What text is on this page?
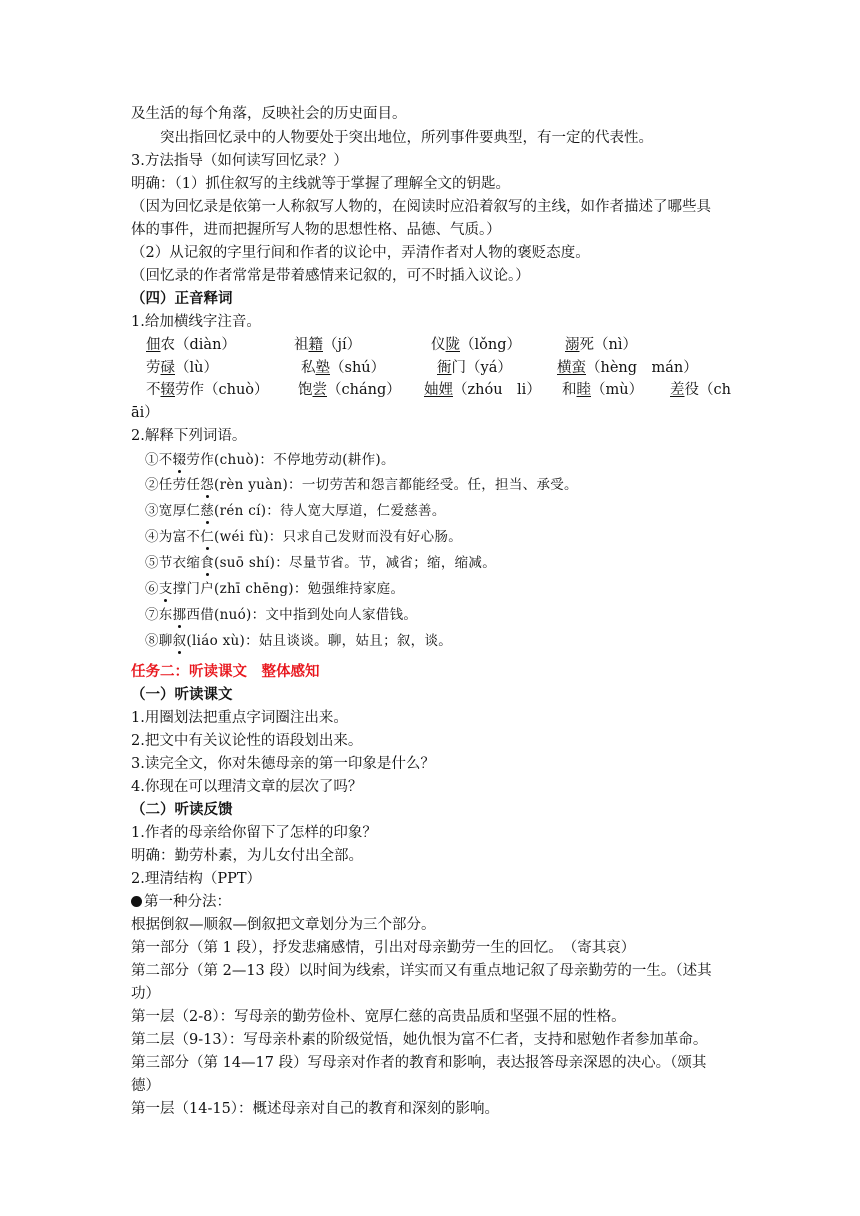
及生活的每个角落，反映社会的历史面目。
突出指回忆录中的人物要处于突出地位，所列事件要典型，有一定的代表性。
3.方法指导（如何读写回忆录？）
明确：（1）抓住叙写的主线就等于掌握了理解全文的钥匙。
（因为回忆录是依第一人称叙写人物的，在阅读时应沿着叙写的主线，如作者描述了哪些具
体的事件，进而把握所写人物的思想性格、品德、气质。）
（2）从记叙的字里行间和作者的议论中，弄清作者对人物的褒贬态度。
（回忆录的作者常常是带着感情来记叙的，可不时插入议论。）
（四）正音释词
1.给加横线字注音。
佃农（diàn）	祖籍（jí）	仪陇（lǒng）	溺死（nì）
劳碌（lù）	私塾（shú）	衙门（yá）	横蛮（hèng　mán）
不辍劳作（chuò） 饱尝（cháng） 妯娌（zhóu　li） 和睦（mù） 差役（ch
āi）
2.解释下列词语。
①不辍劳作(chuò)：不停地劳动(耕作)。
②任劳任怨(rèn yuàn)：一切劳苦和怨言都能经受。任，担当、承受。
③宽厚仁慈(rén cí)：待人宽大厚道，仁爱慈善。
④为富不仁(wéi fù)：只求自己发财而没有好心肠。
⑤节衣缩食(suō shí)：尽量节省。节，减省；缩，缩减。
⑥支撑门户(zhī chēng)：勉强维持家庭。
⑦东挪西借(nuó)：文中指到处向人家借钱。
⑧聊叙(liáo xù)：姑且谈谈。聊，姑且；叙，谈。
任务二：听读课文　整体感知
（一）听读课文
1.用圈划法把重点字词圈注出来。
2.把文中有关议论性的语段划出来。
3.读完全文，你对朱德母亲的第一印象是什么？
4.你现在可以理清文章的层次了吗？
（二）听读反馈
1.作者的母亲给你留下了怎样的印象？
明确：勤劳朴素，为儿女付出全部。
2.理清结构（PPT）
第一种分法：
根据倒叙—顺叙—倒叙把文章划分为三个部分。
第一部分（第 1 段），抒发悲痛感情，引出对母亲勤劳一生的回忆。　（寄其哀）
第二部分（第 2—13 段）以时间为线索，详实而又有重点地记叙了母亲勤劳的一生。（述其
功）
第一层（2-8）：写母亲的勤劳俭朴、宽厚仁慈的高贵品质和坚强不屈的性格。
第二层（9-13）：写母亲朴素的阶级觉悟，她仇恨为富不仁者，支持和慰勉作者参加革命。
第三部分（第 14—17 段）写母亲对作者的教育和影响，表达报答母亲深恩的决心。（颂其
德）
第一层（14-15）：概述母亲对自己的教育和深刻的影响。
